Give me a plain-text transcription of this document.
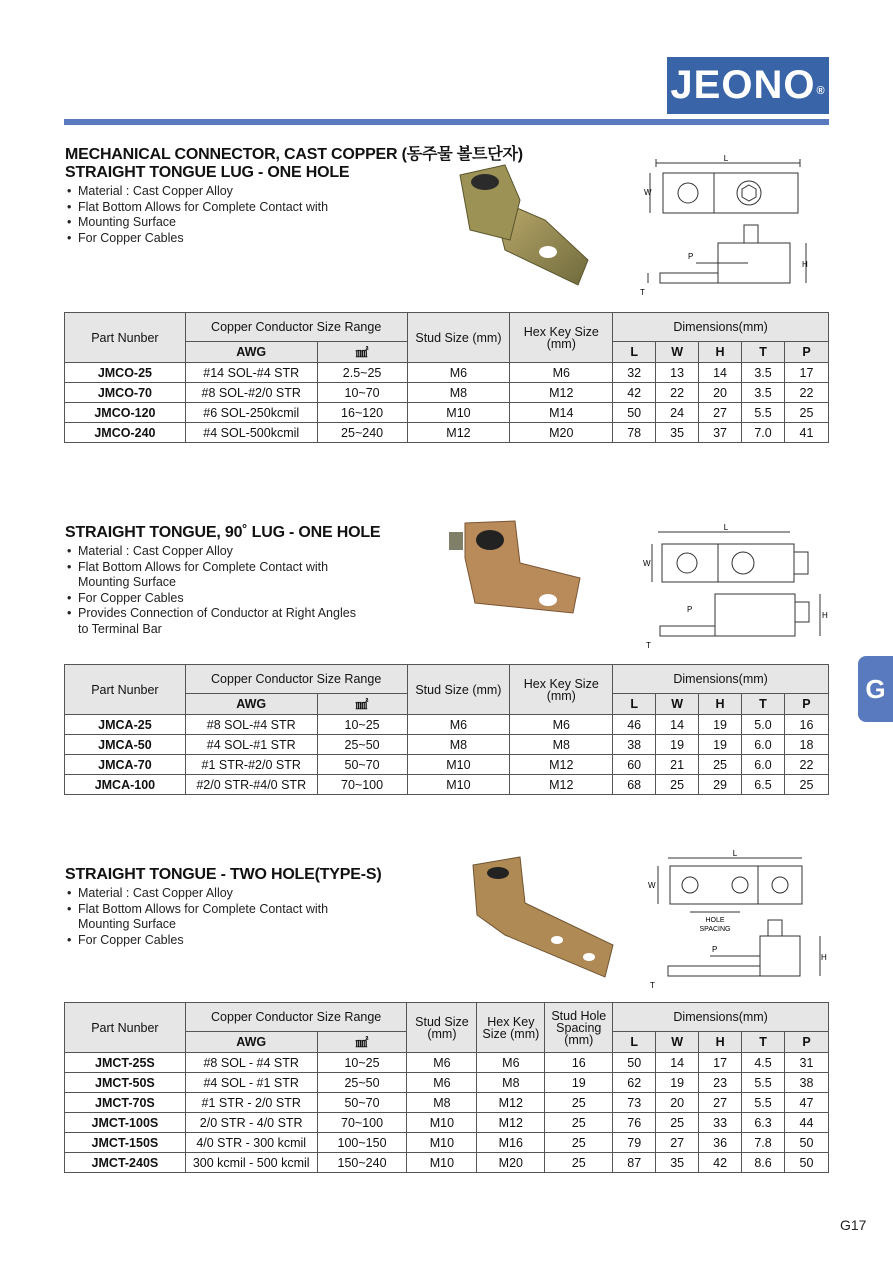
JEONO®
MECHANICAL CONNECTOR, CAST COPPER (동주물 볼트단자)
STRAIGHT TONGUE LUG - ONE HOLE
• Material : Cast Copper Alloy
• Flat Bottom Allows for Complete Contact with
• Mounting Surface
• For Copper Cables
L
W
P
H
T
Part Nunber	Copper Conductor Size Range		Stud Size (mm)	Hex Key Size (mm)	Dimensions(mm)				
	AWG	㎟			L	W	H	T	P
JMCO-25	#14 SOL-#4 STR	2.5~25	M6	M6	32	13	14	3.5	17
JMCO-70	#8 SOL-#2/0 STR	10~70	M8	M12	42	22	20	3.5	22
JMCO-120	#6 SOL-250kcmil	16~120	M10	M14	50	24	27	5.5	25
JMCO-240	#4 SOL-500kcmil	25~240	M12	M20	78	35	37	7.0	41
STRAIGHT TONGUE, 90˚ LUG - ONE HOLE
• Material : Cast Copper Alloy
• Flat Bottom Allows for Complete Contact with
Mounting Surface
• For Copper Cables
• Provides Connection of Conductor at Right Angles
to Terminal Bar
L
W
P
H
T
Part Nunber	Copper Conductor Size Range		Stud Size (mm)	Hex Key Size (mm)	Dimensions(mm)				
	AWG	㎟			L	W	H	T	P
JMCA-25	#8 SOL-#4 STR	10~25	M6	M6	46	14	19	5.0	16
JMCA-50	#4 SOL-#1 STR	25~50	M8	M8	38	19	19	6.0	18
JMCA-70	#1 STR-#2/0 STR	50~70	M10	M12	60	21	25	6.0	22
JMCA-100	#2/0 STR-#4/0 STR	70~100	M10	M12	68	25	29	6.5	25
STRAIGHT TONGUE - TWO HOLE(TYPE-S)
• Material : Cast Copper Alloy
• Flat Bottom Allows for Complete Contact with
Mounting Surface
• For Copper Cables
L
W
HOLE
SPACING
P
H
T
Part Nunber	Copper Conductor Size Range		Stud Size (mm)	Hex Key Size (mm)	Stud Hole Spacing (mm)	Dimensions(mm)				
	AWG	㎟				L	W	H	T	P
JMCT-25S	#8 SOL - #4 STR	10~25	M6	M6	16	50	14	17	4.5	31
JMCT-50S	#4 SOL - #1 STR	25~50	M6	M8	19	62	19	23	5.5	38
JMCT-70S	#1 STR - 2/0 STR	50~70	M8	M12	25	73	20	27	5.5	47
JMCT-100S	2/0 STR - 4/0 STR	70~100	M10	M12	25	76	25	33	6.3	44
JMCT-150S	4/0 STR - 300 kcmil	100~150	M10	M16	25	79	27	36	7.8	50
JMCT-240S	300 kcmil - 500 kcmil	150~240	M10	M20	25	87	35	42	8.6	50
G
G17
